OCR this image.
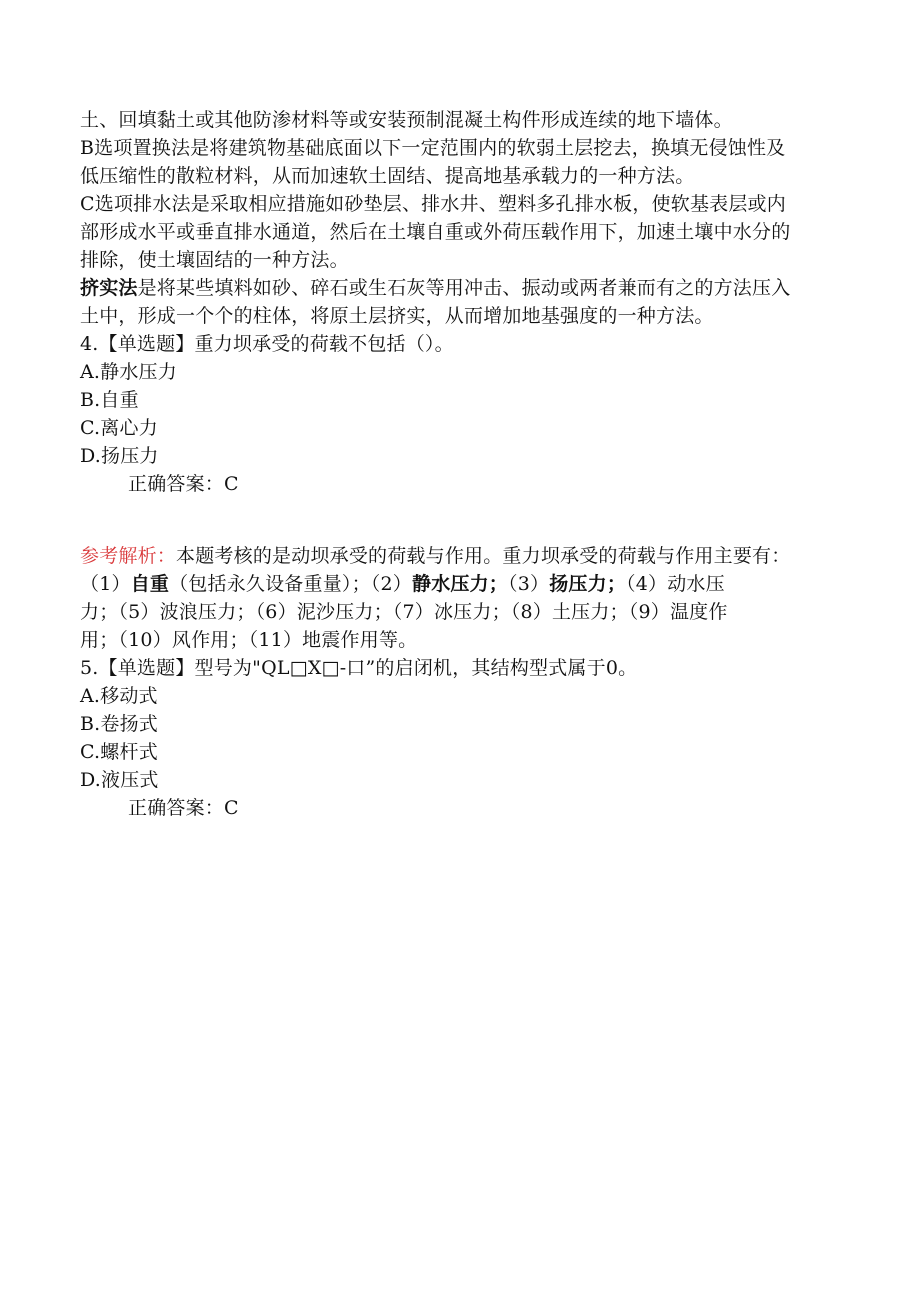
土、回填黏土或其他防渗材料等或安装预制混凝土构件形成连续的地下墙体。
B选项置换法是将建筑物基础底面以下一定范围内的软弱土层挖去，换填无侵蚀性及
低压缩性的散粒材料，从而加速软土固结、提高地基承载力的一种方法。
C选项排水法是采取相应措施如砂垫层、排水井、塑料多孔排水板，使软基表层或内
部形成水平或垂直排水通道，然后在土壤自重或外荷压载作用下，加速土壤中水分的
排除，使土壤固结的一种方法。
挤实法是将某些填料如砂、碎石或生石灰等用冲击、振动或两者兼而有之的方法压入
土中，形成一个个的柱体，将原土层挤实，从而增加地基强度的一种方法。
4.【单选题】重力坝承受的荷载不包括（）。
A.静水压力
B.自重
C.离心力
D.扬压力
正确答案：C
参考解析：本题考核的是动坝承受的荷载与作用。重力坝承受的荷载与作用主要有：
（1）自重（包括永久设备重量）；（2）静水压力；（3）扬压力；（4）动水压
力；（5）波浪压力；（6）泥沙压力；（7）冰压力；（8）土压力；（9）温度作
用；（10）风作用；（11）地震作用等。
5.【单选题】型号为"QL□X□-口”的启闭机，其结构型式属于0。
A.移动式
B.卷扬式
C.螺杆式
D.液压式
正确答案：C
